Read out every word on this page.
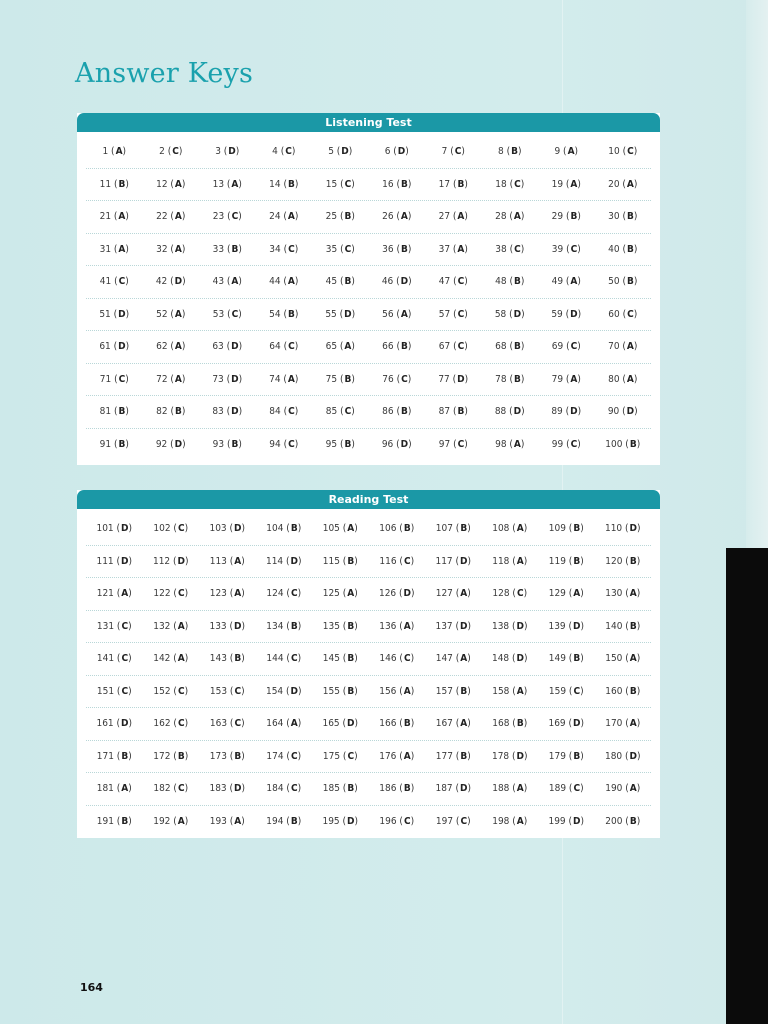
Answer Keys
Listening Test
1 (A)	2 (C)	3 (D)	4 (C)	5 (D)	6 (D)	7 (C)	8 (B)	9 (A)	10 (C)
11 (B)	12 (A)	13 (A)	14 (B)	15 (C)	16 (B)	17 (B)	18 (C)	19 (A)	20 (A)
21 (A)	22 (A)	23 (C)	24 (A)	25 (B)	26 (A)	27 (A)	28 (A)	29 (B)	30 (B)
31 (A)	32 (A)	33 (B)	34 (C)	35 (C)	36 (B)	37 (A)	38 (C)	39 (C)	40 (B)
41 (C)	42 (D)	43 (A)	44 (A)	45 (B)	46 (D)	47 (C)	48 (B)	49 (A)	50 (B)
51 (D)	52 (A)	53 (C)	54 (B)	55 (D)	56 (A)	57 (C)	58 (D)	59 (D)	60 (C)
61 (D)	62 (A)	63 (D)	64 (C)	65 (A)	66 (B)	67 (C)	68 (B)	69 (C)	70 (A)
71 (C)	72 (A)	73 (D)	74 (A)	75 (B)	76 (C)	77 (D)	78 (B)	79 (A)	80 (A)
81 (B)	82 (B)	83 (D)	84 (C)	85 (C)	86 (B)	87 (B)	88 (D)	89 (D)	90 (D)
91 (B)	92 (D)	93 (B)	94 (C)	95 (B)	96 (D)	97 (C)	98 (A)	99 (C)	100 (B)
Reading Test
101 (D)	102 (C)	103 (D)	104 (B)	105 (A)	106 (B)	107 (B)	108 (A)	109 (B)	110 (D)
111 (D)	112 (D)	113 (A)	114 (D)	115 (B)	116 (C)	117 (D)	118 (A)	119 (B)	120 (B)
121 (A)	122 (C)	123 (A)	124 (C)	125 (A)	126 (D)	127 (A)	128 (C)	129 (A)	130 (A)
131 (C)	132 (A)	133 (D)	134 (B)	135 (B)	136 (A)	137 (D)	138 (D)	139 (D)	140 (B)
141 (C)	142 (A)	143 (B)	144 (C)	145 (B)	146 (C)	147 (A)	148 (D)	149 (B)	150 (A)
151 (C)	152 (C)	153 (C)	154 (D)	155 (B)	156 (A)	157 (B)	158 (A)	159 (C)	160 (B)
161 (D)	162 (C)	163 (C)	164 (A)	165 (D)	166 (B)	167 (A)	168 (B)	169 (D)	170 (A)
171 (B)	172 (B)	173 (B)	174 (C)	175 (C)	176 (A)	177 (B)	178 (D)	179 (B)	180 (D)
181 (A)	182 (C)	183 (D)	184 (C)	185 (B)	186 (B)	187 (D)	188 (A)	189 (C)	190 (A)
191 (B)	192 (A)	193 (A)	194 (B)	195 (D)	196 (C)	197 (C)	198 (A)	199 (D)	200 (B)
164
